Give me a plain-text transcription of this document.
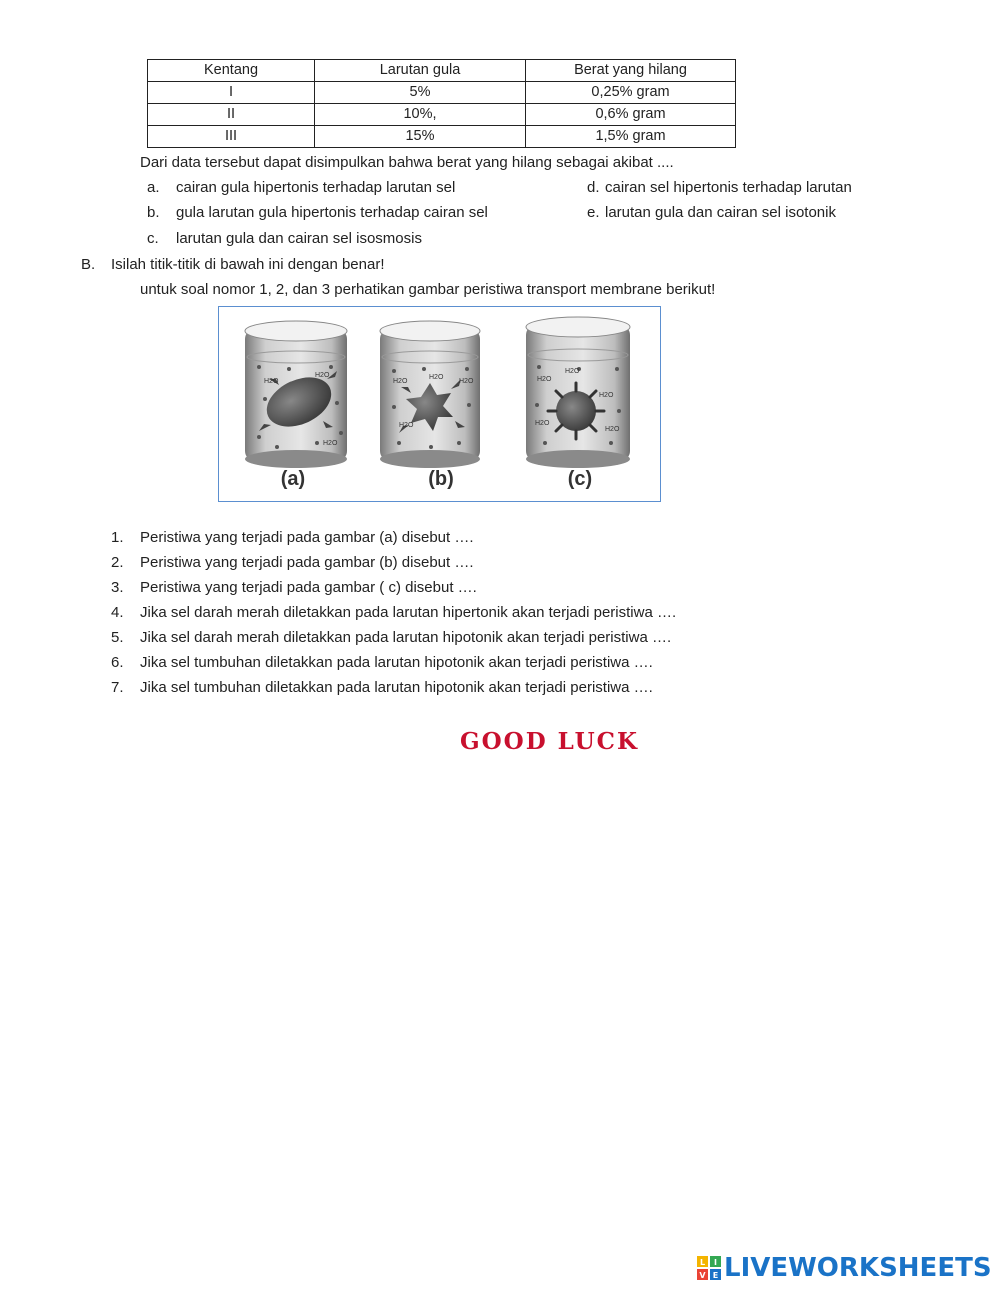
Kentang	Larutan gula	Berat yang hilang
I	5%	0,25% gram
II	10%,	0,6% gram
III	15%	1,5% gram
Dari data tersebut dapat disimpulkan bahwa berat yang hilang sebagai akibat ....
a. cairan gula hipertonis terhadap larutan sel
b. gula larutan gula hipertonis terhadap cairan sel
c. larutan gula dan cairan sel isosmosis
d. cairan sel hipertonis terhadap larutan
e. larutan gula dan cairan sel isotonik
B. Isilah titik-titik di bawah ini dengan benar!
untuk soal nomor 1, 2, dan 3 perhatikan gambar peristiwa transport membrane berikut!
H2O
H2O
H2O
(a)
H2O
H2O
H2O
H2O
(b)
H2O
H2O
H2O
H2O
H2O
(c)
1. Peristiwa yang terjadi pada gambar (a) disebut ….
2. Peristiwa yang terjadi pada gambar (b) disebut ….
3. Peristiwa yang terjadi pada gambar ( c) disebut ….
4. Jika sel darah merah diletakkan pada larutan hipertonik akan terjadi peristiwa ….
5. Jika sel darah merah diletakkan pada larutan hipotonik akan terjadi peristiwa ….
6. Jika sel tumbuhan diletakkan pada larutan hipotonik akan terjadi peristiwa ….
7. Jika sel tumbuhan diletakkan pada larutan hipotonik akan terjadi peristiwa ….
GOOD LUCK
L I
V E LIVEWORKSHEETS
